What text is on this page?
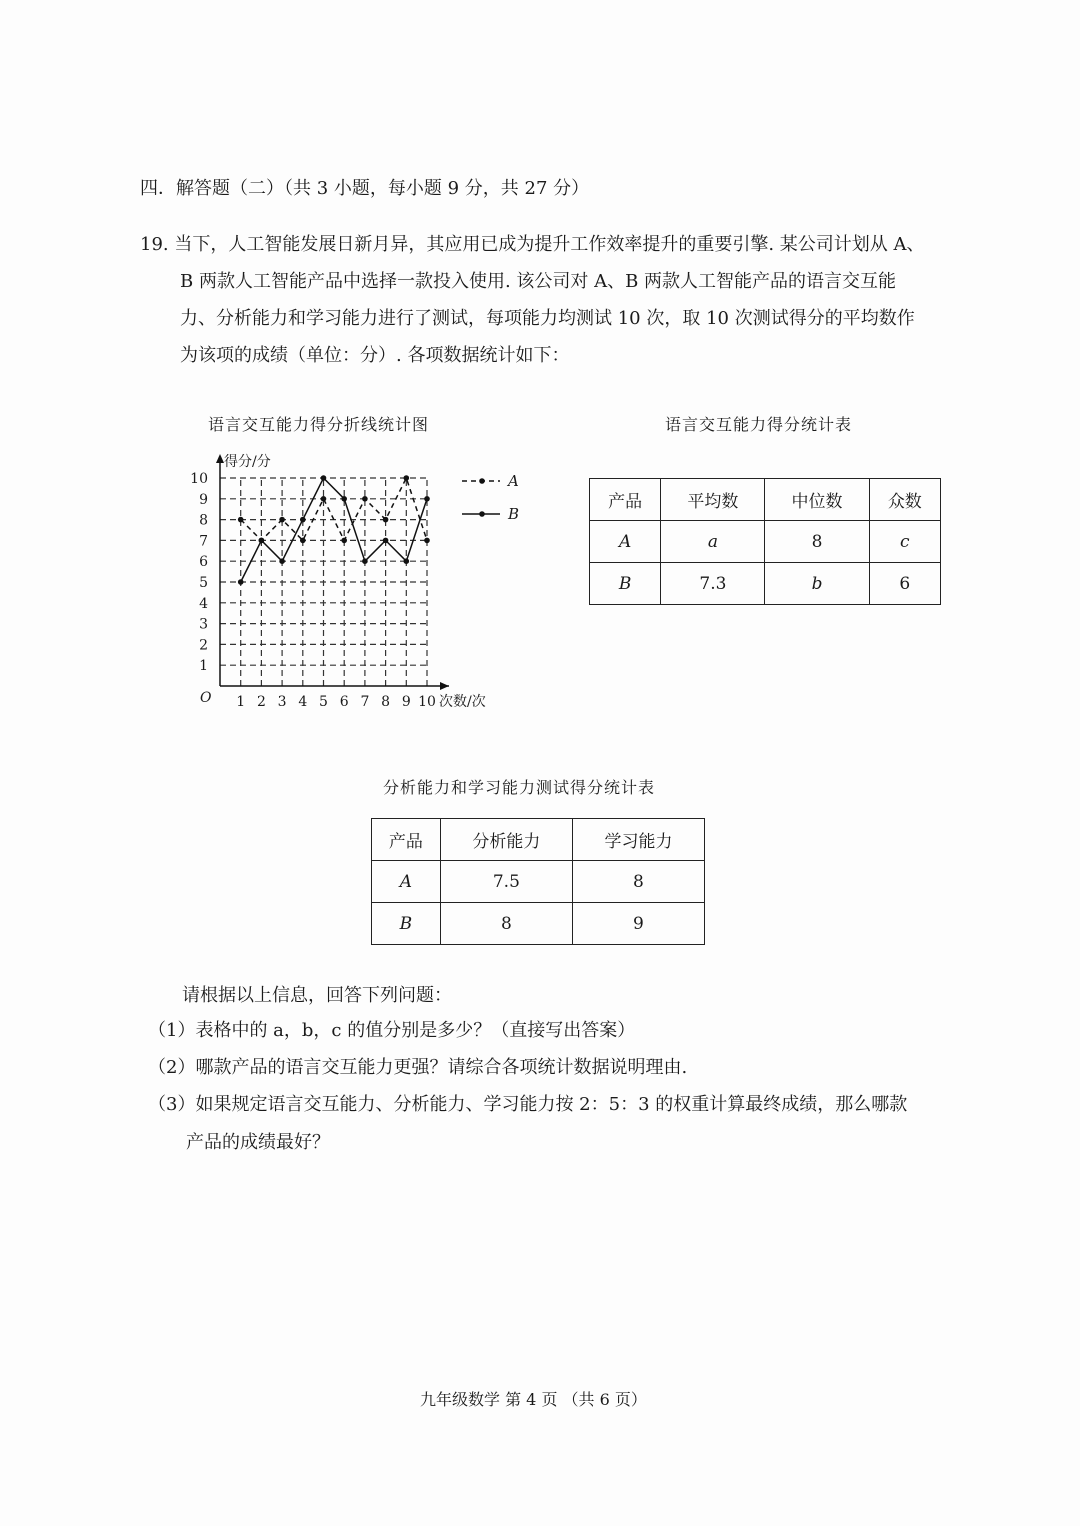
四．解答题（二）（共 3 小题，每小题 9 分，共 27 分）
19. 当下，人工智能发展日新月异，其应用已成为提升工作效率提升的重要引擎. 某公司计划从 A、
B 两款人工智能产品中选择一款投入使用. 该公司对 A、B 两款人工智能产品的语言交互能
力、分析能力和学习能力进行了测试，每项能力均测试 10 次，取 10 次测试得分的平均数作
为该项的成绩（单位：分）. 各项数据统计如下：
语言交互能力得分折线统计图
1
2
3
4
5
6
7
8
9
10
1 2 3 4 5 6 7 8 9 10 次数/次
得分/分
O
A
B
语言交互能力得分统计表
产品	平均数	中位数	众数
A	a	8	c
B	7.3	b	6
分析能力和学习能力测试得分统计表
产品	分析能力	学习能力
A	7.5	8
B	8	9
请根据以上信息，回答下列问题：
（1）表格中的 a，b，c 的值分别是多少？（直接写出答案）
（2）哪款产品的语言交互能力更强？请综合各项统计数据说明理由.
（3）如果规定语言交互能力、分析能力、学习能力按 2：5：3 的权重计算最终成绩，那么哪款
产品的成绩最好？
九年级数学 第 4 页 （共 6 页）
